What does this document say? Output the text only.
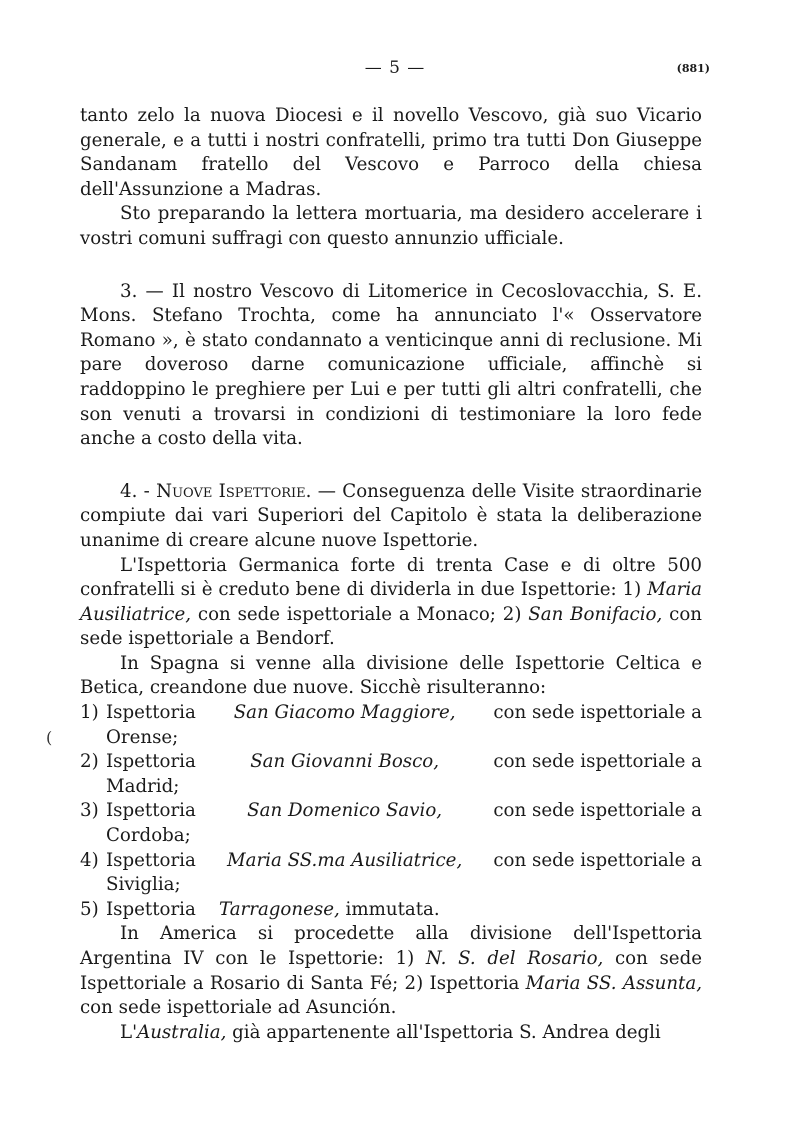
— 5 —	(881)
(

tanto zelo la nuova Diocesi e il novello Vescovo, già suo Vicario generale, e a tutti i nostri confratelli, primo tra tutti Don Giuseppe Sandanam fratello del Vescovo e Parroco della chiesa dell'Assunzione a Madras.

Sto preparando la lettera mortuaria, ma desidero accelerare i vostri comuni suffragi con questo annunzio ufficiale.

3. — Il nostro Vescovo di Litomerice in Cecoslovacchia, S. E. Mons. Stefano Trochta, come ha annunciato l'« Osservatore Romano », è stato condannato a venticinque anni di reclusione. Mi pare doveroso darne comunicazione ufficiale, affinchè si raddoppino le preghiere per Lui e per tutti gli altri confratelli, che son venuti a trovarsi in condizioni di testimoniare la loro fede anche a costo della vita.

4. - Nuove Ispettorie. — Conseguenza delle Visite straordinarie compiute dai vari Superiori del Capitolo è stata la deliberazione unanime di creare alcune nuove Ispettorie.

L'Ispettoria Germanica forte di trenta Case e di oltre 500 confratelli si è creduto bene di dividerla in due Ispettorie: 1) Maria Ausiliatrice, con sede ispettoriale a Monaco; 2) San Bonifacio, con sede ispettoriale a Bendorf.

In Spagna si venne alla divisione delle Ispettorie Celtica e Betica, creandone due nuove. Sicchè risulteranno:

1) Ispettoria San Giacomo Maggiore, con sede ispettoriale a
Orense;
2) Ispettoria	San Giovanni Bosco,	con sede ispettoriale a
Madrid;
3) Ispettoria	San Domenico Savio,	con sede ispettoriale a
Cordoba;
4) Ispettoria Maria SS.ma Ausiliatrice, con sede ispettoriale a
Siviglia;
5) Ispettoria Tarragonese, immutata.

In America si procedette alla divisione dell'Ispettoria Argentina IV con le Ispettorie: 1) N. S. del Rosario, con sede Ispettoriale a Rosario di Santa Fé; 2) Ispettoria Maria SS. Assunta, con sede ispettoriale ad Asunción.

L'Australia, già appartenente all'Ispettoria S. Andrea degli
